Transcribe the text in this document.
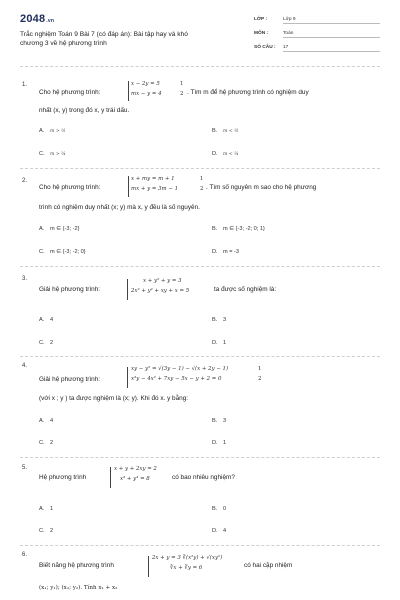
2048.vn
Trắc nghiệm Toán 9 Bài 7 (có đáp án): Bài tập hay và khó
chương 3 về hệ phương trình
LỚP :	Lớp 9
MÔN :	Toán
SỐ CÂU : 17
1.
Cho hệ phương trình:
x − 2y = 5
mx − y = 4
1
2 . Tìm m để hệ phương trình có nghiệm duy
nhất (x, y) trong đó x, y trái dấu.
A. m > ½	B. m < ½
C. m > ¼	D. m < ¼
2.
Cho hệ phương trình:
x + my = m + 1
mx + y = 3m − 1
1
2 . Tìm số nguyên m sao cho hệ phương
trình có nghiệm duy nhất (x; y) mà x, y đều là số nguyên.
A. m ∈ {-3; -2}	B. m ∈ {-3; -2; 0; 1}
C. m ∈ {-3; -2; 0}	D. m = -3
3.
Giải hệ phương trình:
x + y² + y = 3
2x² + y² + xy + x = 5	ta được số nghiệm là:
A. 4	B. 3
C. 2	D. 1
4.
Giải hệ phương trình:
xy − y² = √(3y − 1) − √(x + 2y − 1)
x³y − 4x² + 7xy − 5x − y + 2 = 0
1
2
(với x ; y ) ta được nghiệm là (x; y). Khi đó x. y bằng:
A. 4	B. 3
C. 2	D. 1
5.
Hệ phương trình
x + y + 2xy = 2
x³ + y³ = 8	có bao nhiêu nghiệm?
A. 1	B. 0
C. 2	D. 4
6.
Biết năng hệ phương trình
2x + y = 3 ∛(x²y) + √(xy²)
∛x + ∛y = 6	có hai cặp nhiệm
(x₁; y₁); (x₂; y₂). Tính x₁ + x₂
